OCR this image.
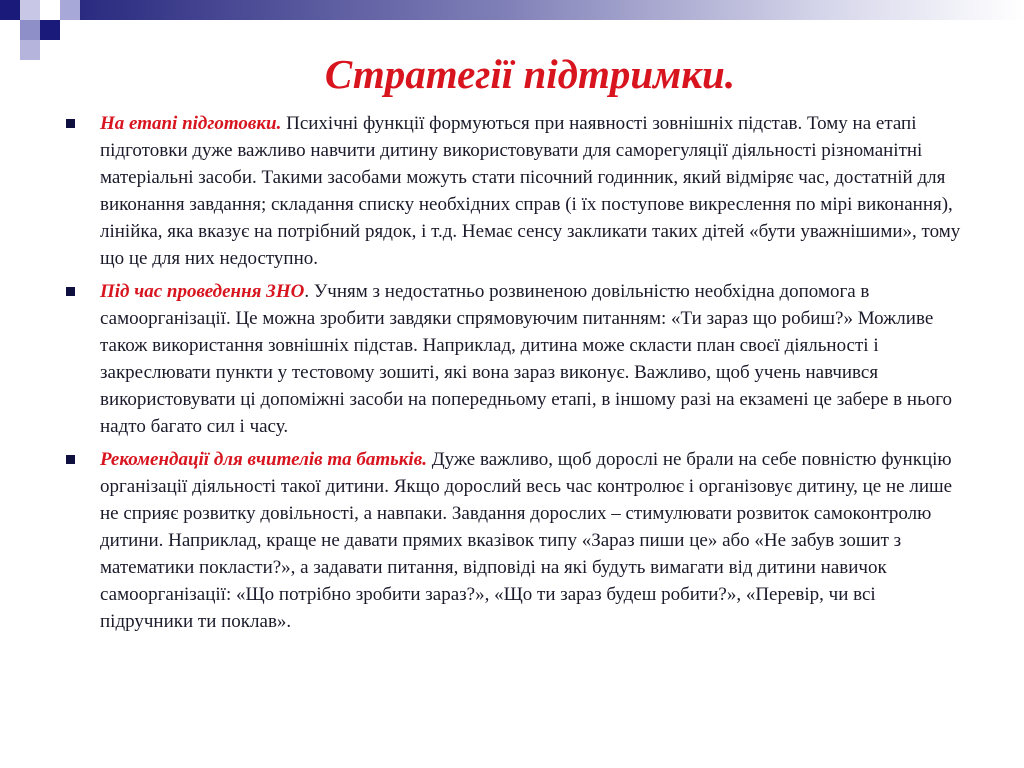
Стратегії підтримки.
На етапі підготовки. Психічні функції формуються при наявності зовнішніх підстав. Тому на етапі підготовки дуже важливо навчити дитину використовувати для саморегуляції діяльності різноманітні матеріальні засоби. Такими засобами можуть стати пісочний годинник, який відміряє час, достатній для виконання завдання; складання списку необхідних справ (і їх поступове викреслення по мірі виконання), лінійка, яка вказує на потрібний рядок, і т.д. Немає сенсу закликати таких дітей «бути уважнішими», тому що це для них недоступно.
Під час проведення ЗНО. Учням з недостатньо розвиненою довільністю необхідна допомога в самоорганізації. Це можна зробити завдяки спрямовуючим питанням: «Ти зараз що робиш?» Можливе також використання зовнішніх підстав. Наприклад, дитина може скласти план своєї діяльності і закреслювати пункти у тестовому зошиті, які вона зараз виконує. Важливо, щоб учень навчився використовувати ці допоміжні засоби на попередньому етапі, в іншому разі на екзамені це забере в нього надто багато сил і часу.
Рекомендації для вчителів та батьків. Дуже важливо, щоб дорослі не брали на себе повністю функцію організації діяльності такої дитини. Якщо дорослий весь час контролює і організовує дитину, це не лише не сприяє розвитку довільності, а навпаки. Завдання дорослих – стимулювати розвиток самоконтролю дитини. Наприклад, краще не давати прямих вказівок типу «Зараз пиши це» або «Не забув зошит з математики покласти?», а задавати питання, відповіді на які будуть вимагати від дитини навичок самоорганізації: «Що потрібно зробити зараз?», «Що ти зараз будеш робити?», «Перевір, чи всі підручники ти поклав».
